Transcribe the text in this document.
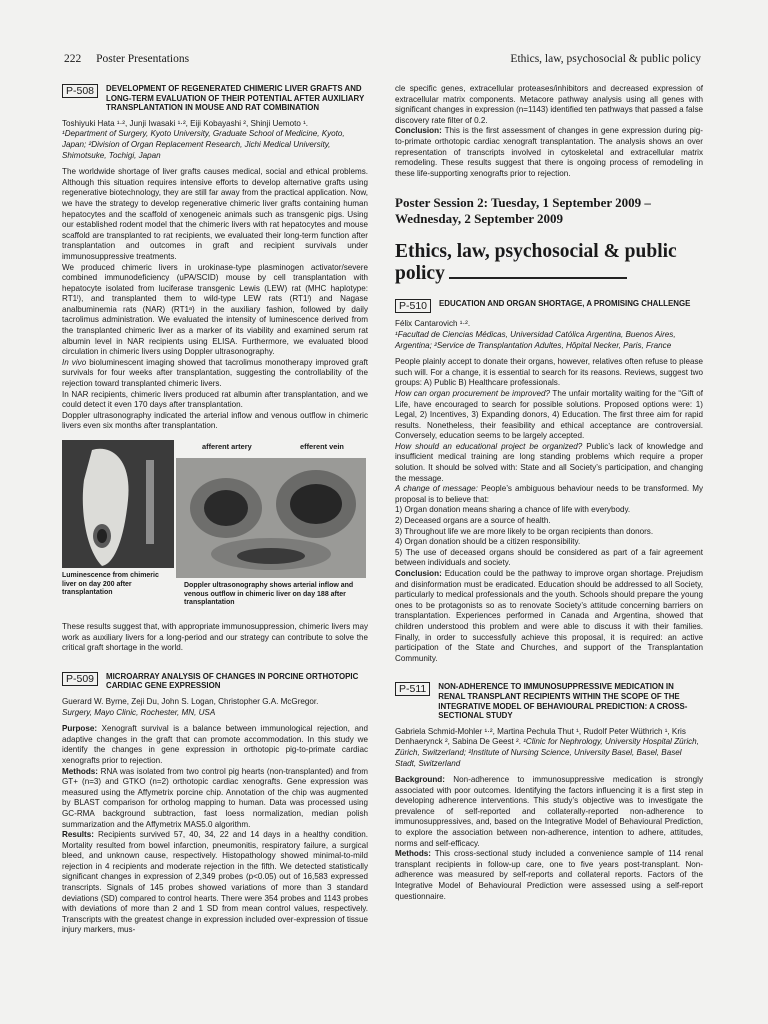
222 Poster Presentations	Ethics, law, psychosocial & public policy
P-508	DEVELOPMENT OF REGENERATED CHIMERIC LIVER GRAFTS AND LONG-TERM EVALUATION OF THEIR POTENTIAL AFTER AUXILIARY TRANSPLANTATION IN MOUSE AND RAT COMBINATION
Toshiyuki Hata ¹·², Junji Iwasaki ¹·², Eiji Kobayashi ², Shinji Uemoto ¹.
¹Department of Surgery, Kyoto University, Graduate School of Medicine, Kyoto, Japan; ²Division of Organ Replacement Research, Jichi Medical University, Shimotsuke, Tochigi, Japan

The worldwide shortage of liver grafts causes medical, social and ethical problems. Although this situation requires intensive efforts to develop alternative grafts using regenerative biotechnology, they are still far away from the practical application. Now, we have the strategy to develop regenerative chimeric liver grafts containing human hepatocytes and the scaffold of xenogeneic animals such as transgenic pigs. Using our established rodent model that the chimeric livers with rat hepatocytes and mouse scaffold are transplanted to rat recipients, we evaluated their long-term function after transplantation and outcomes in graft and recipient survivals under immunosuppressive treatments.

We produced chimeric livers in urokinase-type plasminogen activator/severe combined immunodeficiency (uPA/SCID) mouse by cell transplantation with hepatocyte isolated from luciferase transgenic Lewis (LEW) rat (MHC haplotype: RT1ˡ), and transplanted them to wild-type LEW rats (RT1ˡ) and Nagase analbuminemia rats (NAR) (RT1ᵃ) in the auxiliary fashion, followed by daily tacrolimus administration. We evaluated the intensity of luminescence derived from the transplanted chimeric liver as a marker of its viability and examined serum rat albumin level in NAR recipients using ELISA. Furthermore, we evaluated blood circulation in chimeric livers using Doppler ultrasonography.

In vivo bioluminescent imaging showed that tacrolimus monotherapy improved graft survivals for four weeks after transplantation, suggesting the controllability of the rejection toward transplanted chimeric livers.

In NAR recipients, chimeric livers produced rat albumin after transplantation, and we could detect it even 170 days after transplantation.

Doppler ultrasonography indicated the arterial inflow and venous outflow in chimeric livers even six months after transplantation.

afferent artery	efferent vein
Luminescence from chimeric liver on day 200 after transplantation
Doppler ultrasonography shows arterial inflow and venous outflow in chimeric liver on day 188 after transplantation

These results suggest that, with appropriate immunosuppression, chimeric livers may work as auxiliary livers for a long-period and our strategy can contribute to solve the critical graft shortage in the world.

P-509	MICROARRAY ANALYSIS OF CHANGES IN PORCINE ORTHOTOPIC CARDIAC GENE EXPRESSION
Guerard W. Byrne, Zeji Du, John S. Logan, Christopher G.A. McGregor.
Surgery, Mayo Clinic, Rochester, MN, USA

Purpose: Xenograft survival is a balance between immunological rejection, and adaptive changes in the graft that can promote accommodation. In this study we identify the changes in gene expression in orthotopic pig-to-primate cardiac xenografts prior to rejection.

Methods: RNA was isolated from two control pig hearts (non-transplanted) and from GT+ (n=3) and GTKO (n=2) orthotopic cardiac xenografts. Gene expression was measured using the Affymetrix porcine chip. Annotation of the chip was augmented by BLAST comparison for ortholog mapping to human. Data was processed using GC-RMA background subtraction, fast loess normalization, median polish summarization and the Affymetrix MAS5.0 algorithm.

Results: Recipients survived 57, 40, 34, 22 and 14 days in a healthy condition. Mortality resulted from bowel infarction, pneumonitis, respiratory failure, a surgical bleed, and unknown cause, respectively. Histopathology showed minimal-to-mild rejection in 4 recipients and moderate rejection in the fifth. We detected statistically significant changes in expression of 2,349 probes (p<0.05) out of 16,583 expressed transcripts. Signals of 145 probes showed variations of more than 3 standard deviations (SD) compared to control hearts. There were 354 probes and 1143 probes with deviations of more than 2 and 1 SD from mean control values, respectively. Transcripts with the greatest change in expression included over-expression of tissue injury markers, mus-

cle specific genes, extracellular proteases/inhibitors and decreased expression of extracellular matrix components. Metacore pathway analysis using all genes with significant changes in expression (n=1143) identified ten pathways that passed a false discovery rate filter of 0.2.

Conclusion: This is the first assessment of changes in gene expression during pig-to-primate orthotopic cardiac xenograft transplantation. The analysis shows an over representation of transcripts involved in cytoskeletal and extracellular matrix remodeling. These results suggest that there is ongoing process of remodeling in these life-supporting xenografts prior to rejection.

Poster Session 2: Tuesday, 1 September 2009 – Wednesday, 2 September 2009
Ethics, law, psychosocial & public
policy
P-510	EDUCATION AND ORGAN SHORTAGE, A PROMISING CHALLENGE
Félix Cantarovich ¹·².
¹Facultad de Ciencias Médicas, Universidad Católica Argentina, Buenos Aires, Argentina; ²Service de Transplantation Adultes, Hôpital Necker, Paris, France

People plainly accept to donate their organs, however, relatives often refuse to please such will. For a change, it is essential to search for its reasons. Reviews, suggest two groups: A) Public B) Healthcare professionals.

How can organ procurement be improved? The unfair mortality waiting for the “Gift of Life, have encouraged to search for possible solutions. Proposed options were: 1) Legal, 2) Incentives, 3) Expanding donors, 4) Education. The first three aim for rapid results. Nonetheless, their feasibility and ethical acceptance are controversial. Conversely, education seems to be largely accepted.

How should an educational project be organized? Public’s lack of knowledge and insufficient medical training are long standing problems which require a proper solution. It should be solved with: State and all Society’s participation, and changing the message.

A change of message: People’s ambiguous behaviour needs to be transformed. My proposal is to believe that:

1) Organ donation means sharing a chance of life with everybody.

2) Deceased organs are a source of health.

3) Throughout life we are more likely to be organ recipients than donors.

4) Organ donation should be a citizen responsibility.

5) The use of deceased organs should be considered as part of a fair agreement between individuals and society.

Conclusion: Education could be the pathway to improve organ shortage. Prejudism and disinformation must be eradicated. Education should be addressed to all Society, particularly to medical professionals and the youth. Schools should prepare the young ones to be protagonists so as to renovate Society’s attitude concerning barriers on transplantation. Experiences performed in Canada and Argentina, showed that children understood this problem and were able to discuss it with their families. Finally, in order to successfully achieve this proposal, it is required: an active participation of the State and Churches, and support of the Transplantation Community.

P-511	NON-ADHERENCE TO IMMUNOSUPPRESSIVE MEDICATION IN RENAL TRANSPLANT RECIPIENTS WITHIN THE SCOPE OF THE INTEGRATIVE MODEL OF BEHAVIOURAL PREDICTION: A CROSS-SECTIONAL STUDY
Gabriela Schmid-Mohler ¹·², Martina Pechula Thut ¹, Rudolf Peter Wüthrich ¹, Kris Denhaerynck ², Sabina De Geest ². ¹Clinic for Nephrology, University Hospital Zürich, Zürich, Switzerland; ²Institute of Nursing Science, University Basel, Basel, Basel Stadt, Switzerland

Background: Non-adherence to immunosuppressive medication is strongly associated with poor outcomes. Identifying the factors influencing it is a first step in developing adherence interventions. This study’s objective was to investigate the prevalence of self-reported and collaterally-reported non-adherence to immunosuppressives, and, based on the Integrative Model of Behavioural Prediction, to explore the association between non-adherence, intention to adhere, attitudes, norms and self-efficacy.

Methods: This cross-sectional study included a convenience sample of 114 renal transplant recipients in follow-up care, one to five years post-transplant. Non-adherence was measured by self-reports and collateral reports. Factors of the Integrative Model of Behavioural Prediction were assessed using a self-report questionnaire.
